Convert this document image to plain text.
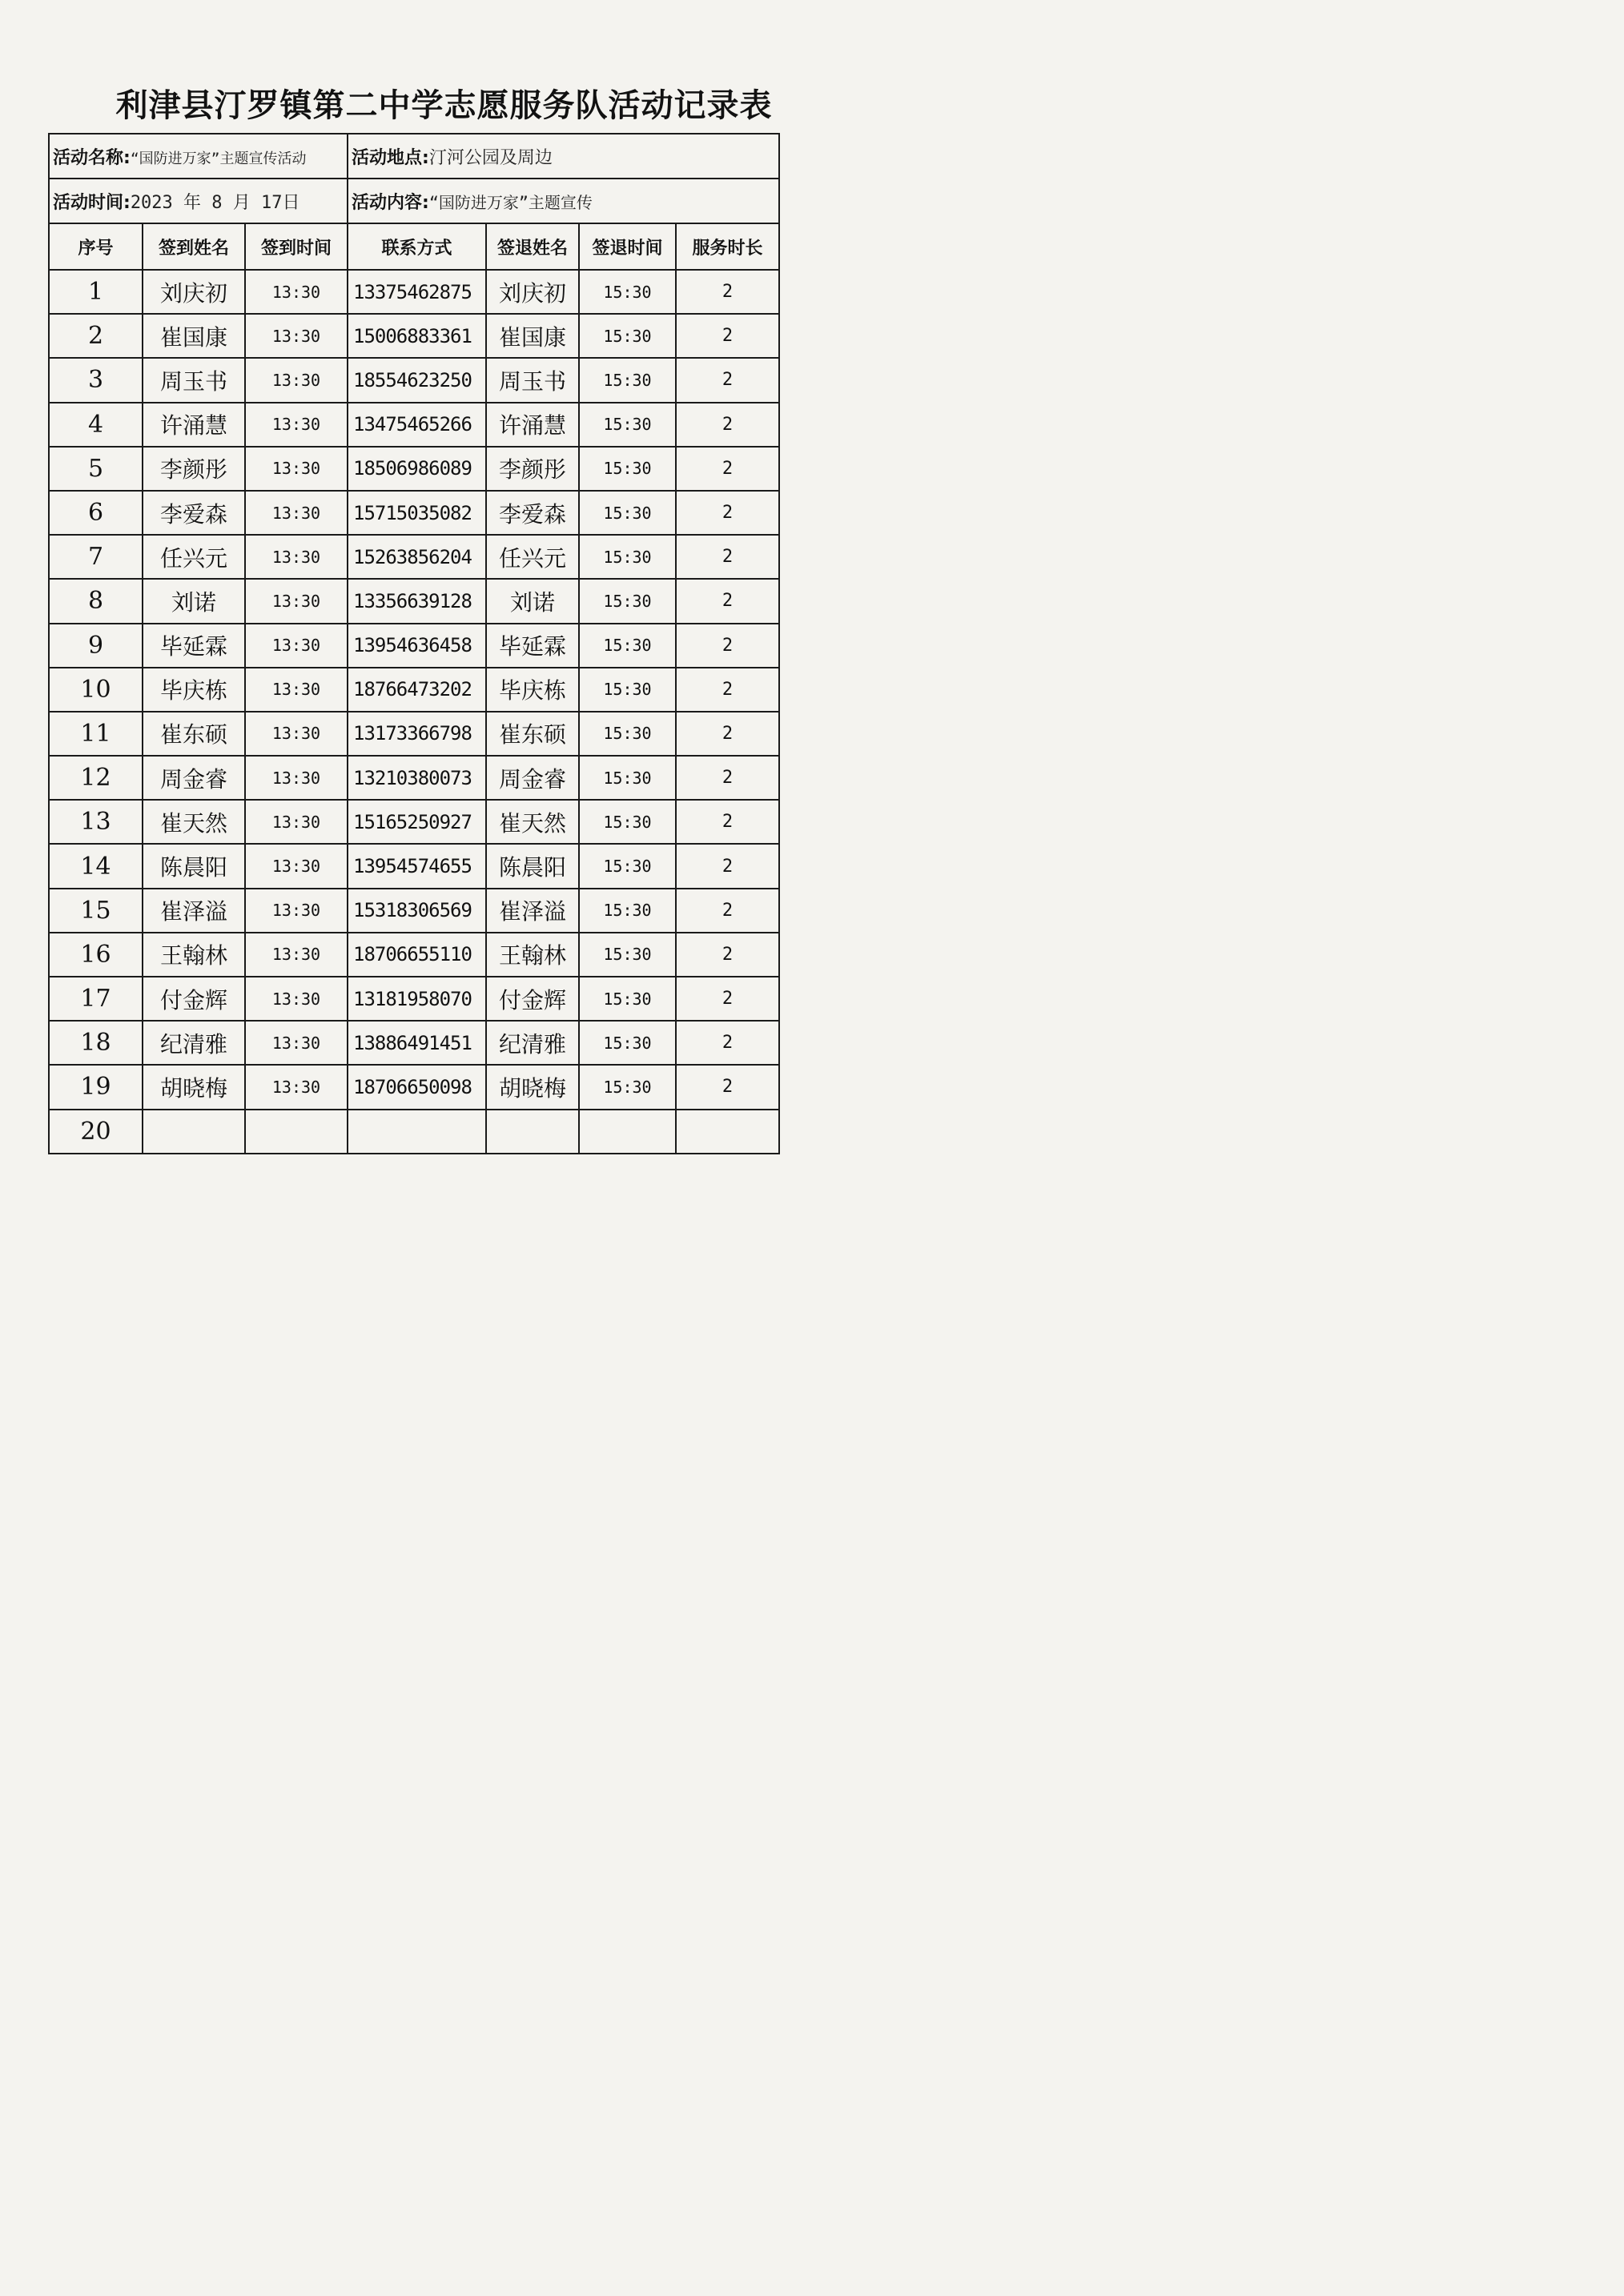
利津县汀罗镇第二中学志愿服务队活动记录表
活动名称:“国防进万家”主题宣传活动			活动地点:汀河公园及周边			
活动时间:2023 年 8 月 17日			活动内容:“国防进万家”主题宣传			
序号	签到姓名	签到时间	联系方式	签退姓名	签退时间	服务时长
1	刘庆初	13:30	13375462875	刘庆初	15:30	2
2	崔国康	13:30	15006883361	崔国康	15:30	2
3	周玉书	13:30	18554623250	周玉书	15:30	2
4	许涌慧	13:30	13475465266	许涌慧	15:30	2
5	李颜彤	13:30	18506986089	李颜彤	15:30	2
6	李爱森	13:30	15715035082	李爱森	15:30	2
7	任兴元	13:30	15263856204	任兴元	15:30	2
8	刘诺	13:30	13356639128	刘诺	15:30	2
9	毕延霖	13:30	13954636458	毕延霖	15:30	2
10	毕庆栋	13:30	18766473202	毕庆栋	15:30	2
11	崔东硕	13:30	13173366798	崔东硕	15:30	2
12	周金睿	13:30	13210380073	周金睿	15:30	2
13	崔天然	13:30	15165250927	崔天然	15:30	2
14	陈晨阳	13:30	13954574655	陈晨阳	15:30	2
15	崔泽溢	13:30	15318306569	崔泽溢	15:30	2
16	王翰林	13:30	18706655110	王翰林	15:30	2
17	付金辉	13:30	13181958070	付金辉	15:30	2
18	纪清雅	13:30	13886491451	纪清雅	15:30	2
19	胡晓梅	13:30	18706650098	胡晓梅	15:30	2
20						
